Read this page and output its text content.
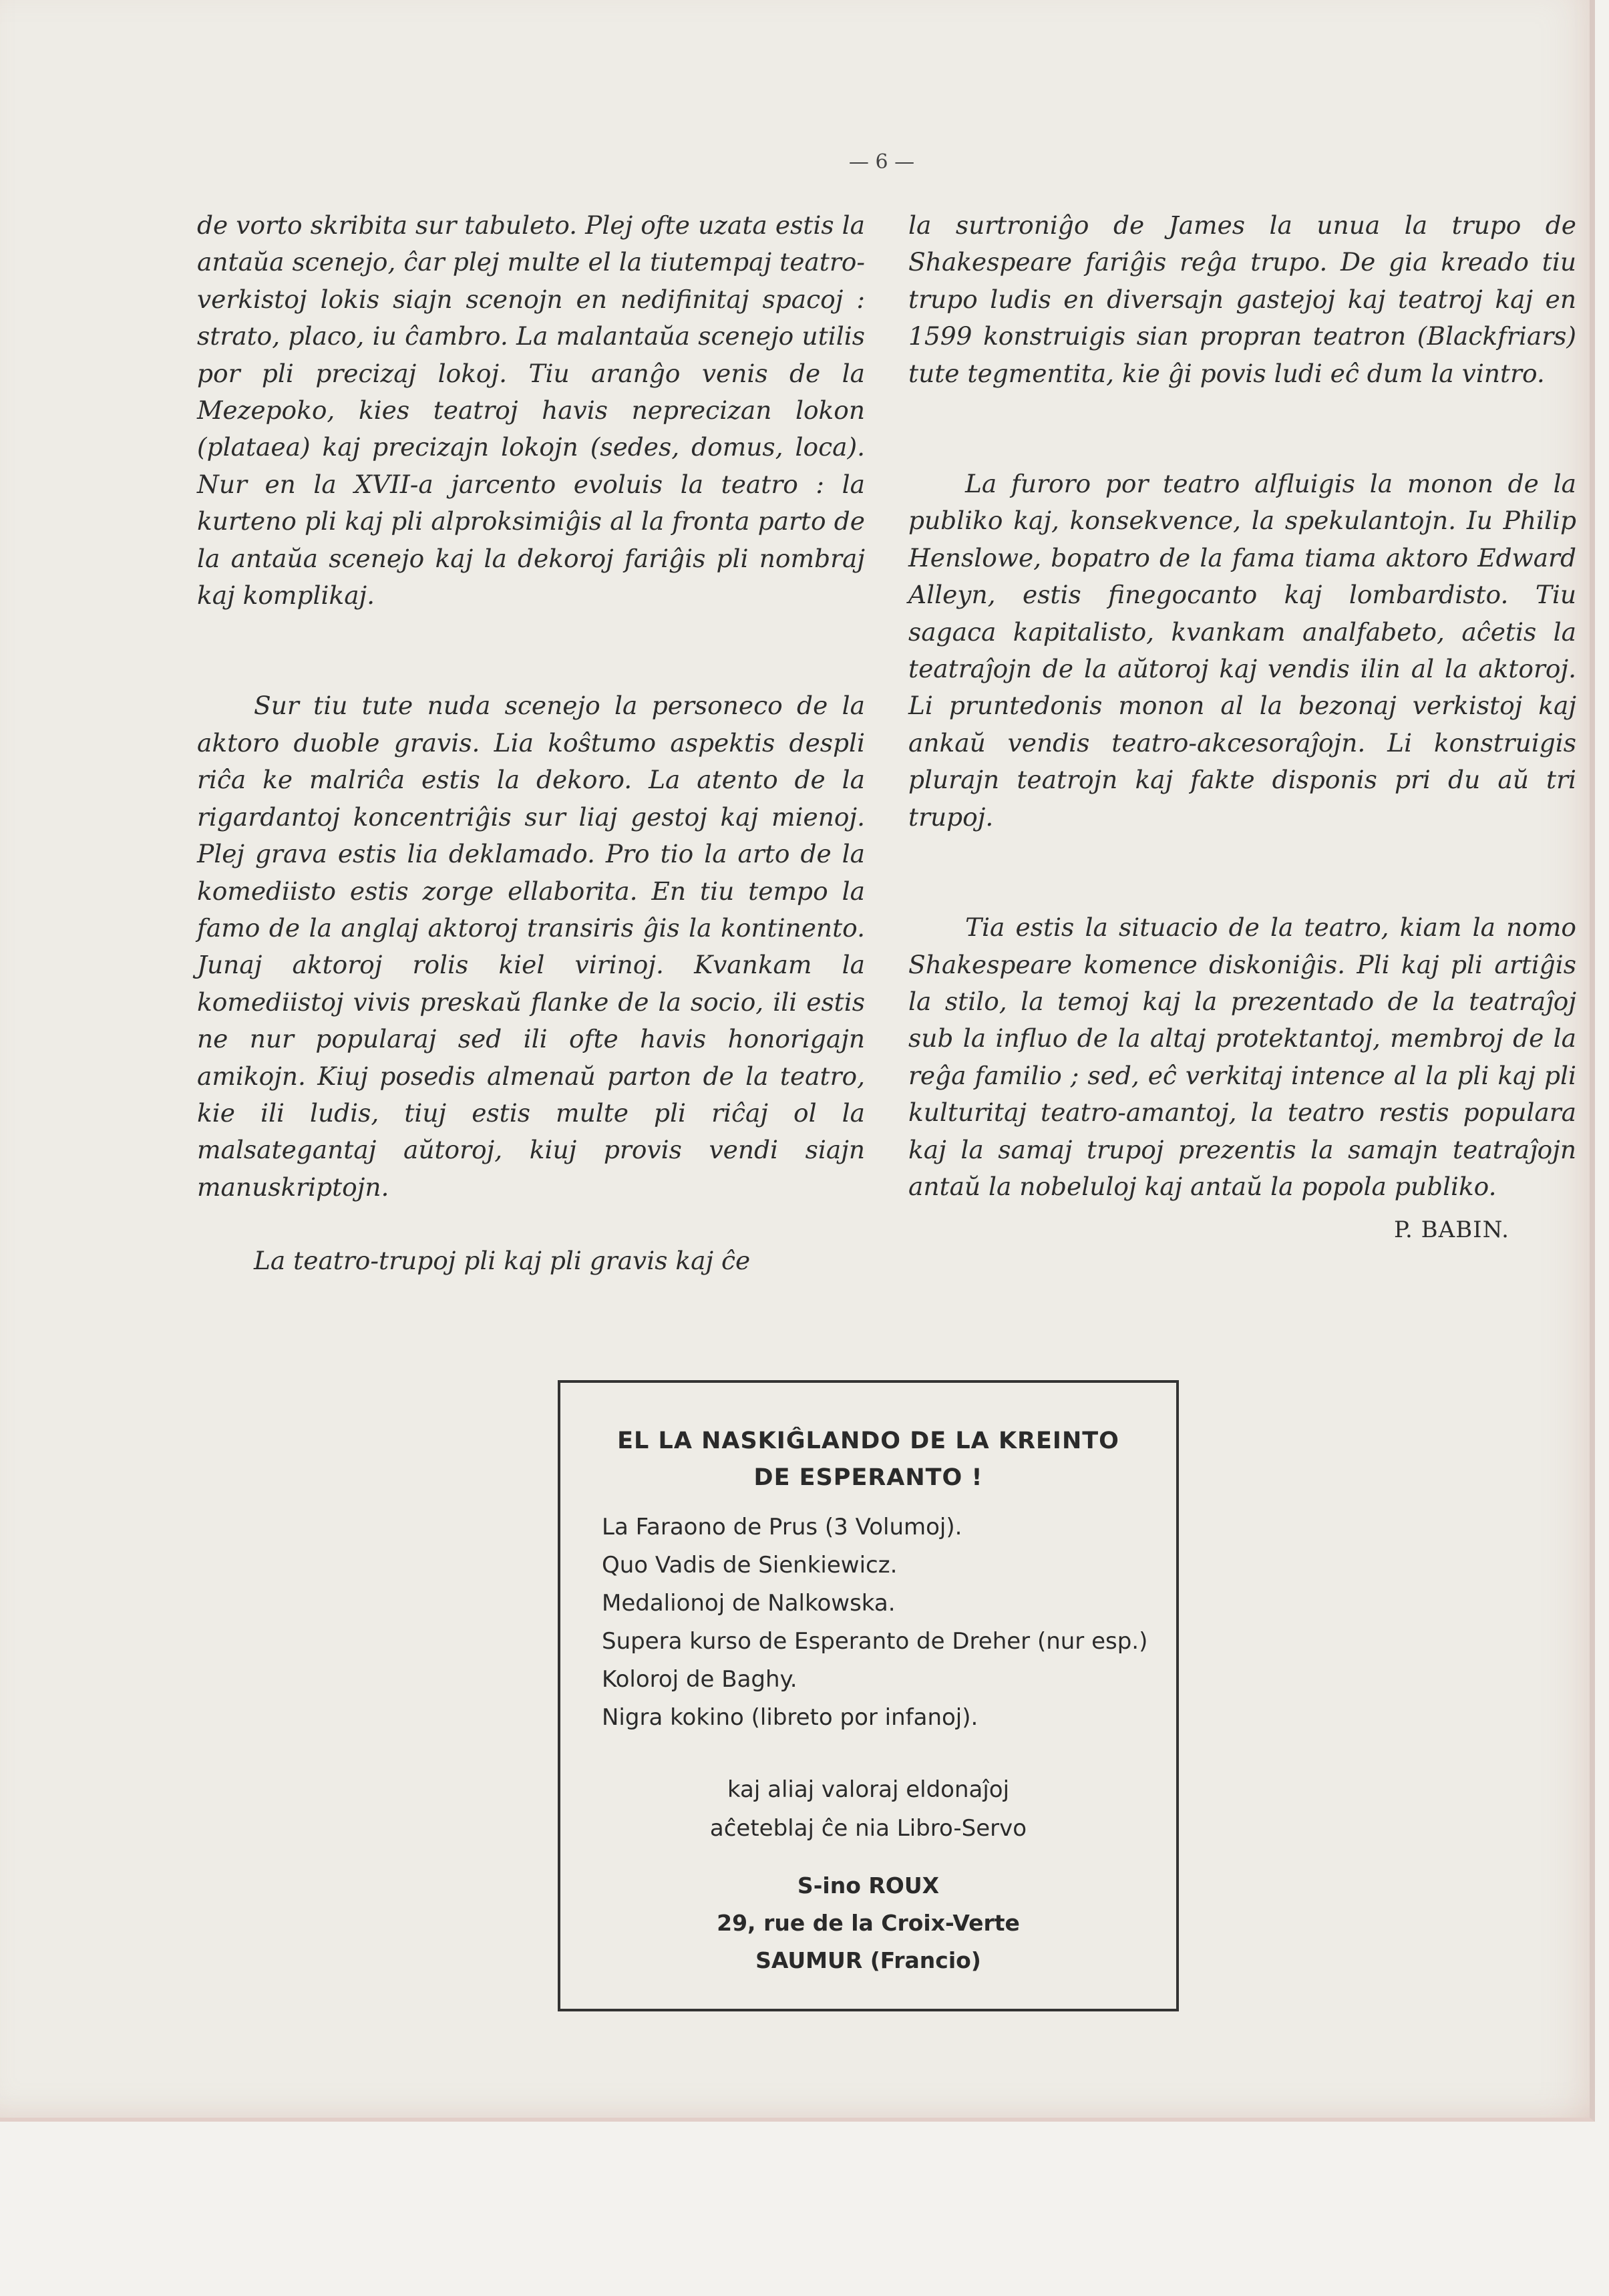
— 6 —

de vorto skribita sur tabuleto. Plej ofte uzata estis la antaŭa scenejo, ĉar plej multe el la tiutempaj teatro-verkistoj lokis siajn scenojn en nedifinitaj spacoj : strato, placo, iu ĉambro. La malantaŭa scenejo utilis por pli precizaj lokoj. Tiu aranĝo venis de la Mezepoko, kies teatroj havis neprecizan lokon (plataea) kaj precizajn lokojn (sedes, domus, loca). Nur en la XVII-a jarcento evoluis la teatro : la kurteno pli kaj pli alproksimiĝis al la fronta parto de la antaŭa scenejo kaj la dekoroj fariĝis pli nombraj kaj komplikaj.

Sur tiu tute nuda scenejo la personeco de la aktoro duoble gravis. Lia koŝtumo aspektis despli riĉa ke malriĉa estis la dekoro. La atento de la rigardantoj koncentriĝis sur liaj gestoj kaj mienoj. Plej grava estis lia deklamado. Pro tio la arto de la komediisto estis zorge ellaborita. En tiu tempo la famo de la anglaj aktoroj transiris ĝis la kontinento. Junaj aktoroj rolis kiel virinoj. Kvankam la komediistoj vivis preskaŭ flanke de la socio, ili estis ne nur popularaj sed ili ofte havis honorigajn amikojn. Kiuj posedis almenaŭ parton de la teatro, kie ili ludis, tiuj estis multe pli riĉaj ol la malsategantaj aŭtoroj, kiuj provis vendi siajn manuskriptojn.

La teatro-trupoj pli kaj pli gravis kaj ĉe

la surtroniĝo de James la unua la trupo de Shakespeare fariĝis reĝa trupo. De gia kreado tiu trupo ludis en diversajn gastejoj kaj teatroj kaj en 1599 konstruigis sian propran teatron (Blackfriars) tute tegmentita, kie ĝi povis ludi eĉ dum la vintro.

La furoro por teatro alfluigis la monon de la publiko kaj, konsekvence, la spekulantojn. Iu Philip Henslowe, bopatro de la fama tiama aktoro Edward Alleyn, estis finegocanto kaj lombardisto. Tiu sagaca kapitalisto, kvankam analfabeto, aĉetis la teatraĵojn de la aŭtoroj kaj vendis ilin al la aktoroj. Li pruntedonis monon al la bezonaj verkistoj kaj ankaŭ vendis teatro-akcesoraĵojn. Li konstruigis plurajn teatrojn kaj fakte disponis pri du aŭ tri trupoj.

Tia estis la situacio de la teatro, kiam la nomo Shakespeare komence diskoniĝis. Pli kaj pli artiĝis la stilo, la temoj kaj la prezentado de la teatraĵoj sub la influo de la altaj protektantoj, membroj de la reĝa familio ; sed, eĉ verkitaj intence al la pli kaj pli kulturitaj teatro-amantoj, la teatro restis populara kaj la samaj trupoj prezentis la samajn teatraĵojn antaŭ la nobeluloj kaj antaŭ la popola publiko.

P. BABIN.

EL LA NASKIĜLANDO DE LA KREINTO
DE ESPERANTO !
La Faraono de Prus (3 Volumoj).
Quo Vadis de Sienkiewicz.
Medalionoj de Nalkowska.
Supera kurso de Esperanto de Dreher (nur esp.)
Koloroj de Baghy.
Nigra kokino (libreto por infanoj).
kaj aliaj valoraj eldonaĵoj
aĉeteblaj ĉe nia Libro-Servo
S-ino ROUX
29, rue de la Croix-Verte
SAUMUR (Francio)
